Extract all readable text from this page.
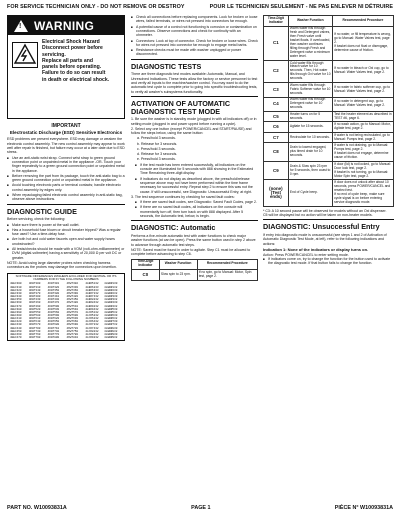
FOR SERVICE TECHNICIAN ONLY - DO NOT REMOVE OR DESTROY	POUR LE TECHNICIEN SEULEMENT - NE PAS ENLEVER NI DÉTRUIRE
! WARNING
Electrical Shock Hazard
Disconnect power before
servicing.
Replace all parts and
panels before operating.
Failure to do so can result
in death or electrical shock.
IMPORTANT
Electrostatic Discharge (ESD) Sensitive Electronics

ESD problems are present everywhere. ESD may damage or weaken the electronic control assembly. The new control assembly may appear to work well after repair is finished, but failure may occur at a later date due to ESD stress.

■ Use an anti-static wrist strap. Connect wrist strap to green ground connection point or unpainted metal in the appliance -OR- Touch your finger repeatedly to a green ground connection point or unpainted metal in the appliance.
■ Before removing the part from its package, touch the anti-static bag to a green ground connection point or unpainted metal in the appliance.
■ Avoid touching electronic parts or terminal contacts; handle electronic control assembly by edges only.
■ When repackaging failed electronic control assembly in anti-static bag, observe above instructions.
DIAGNOSTIC GUIDE

Before servicing, check the following:

■ Make sure there is power at the wall outlet.
■ Has a household fuse blown or circuit breaker tripped? Was a regular fuse used? Use a time-delay fuse.
■ Are both hot and cold water faucets open and water supply hoses unobstructed?
■ All tests/checks should be made with a VOM (volt-ohm-milliammeter) or DVM (digital-voltmeter) having a sensitivity of 20,000 Ω per volt DC or greater.

NOTE: Avoid using large diameter probes when checking harness connectors as the probes may damage the connectors upon insertion.

SOFTWARE DIFFERENCES WASHERS EXCLUDED FOR CENTRAL OR ITS NUMBERS FOR IN THE FOLLOWING NUMBERS
4GEC300	4KWT300	4KWT301	4KWT302	4LBR5132	4LWBR130
4GEC310	4KWT310	4KWT320	4KWT330	4LBR6233	4LWBR132
4GEC320	4KWT340	4KWT350	4KWT360	4LBR6333	4LWBR230
4GEC330	4KWT370	4KWT380	4KWT390	4LBR7232	4LWBR232
4GEC340	4KWT400	4KWT410	4KWT420	4LBR7432	4LWBR330
4GEC350	4KWT430	4KWT440	4KWT450	4LBR8232	4LWBR332
4GEC360	4KWT460	4KWT470	4KWT480	4LBR8432	4LWBR430
4GEC370	4KWT490	4KWT500	4KWT510	4LBR9232	4LWBR432
4GEC380	4KWT520	4KWT530	4KWT540	4LBR9432	4LWBR530
4GEC390	4KWT550	4KWT560	4KWT570	4LCR5132	4LWBR532
4GEC400	4KWT580	4KWT590	4KWT600	4LCR5232	4LWBR630
4GEC410	4KWT610	4KWT620	4KWT630	4LCR6232	4LWBR632
4GEC420	4KWT640	4KWT650	4KWT660	4LCR6432	4LWBR730
4GEC430	4KWT670	4KWT680	4KWT690	4LCR7232	4LWBR732
4GEC440	4KWT700	4KWT710	4KWT720	4LCR7432	4LWBR830
4GEC450	4KWT730	4KWT740	4KWT750	4LCR8232	4LWBR832
4GEC460	4KWT760	4KWT770	4KWT780	4LCR8432	4LWBR930
4GEC470	4KWT790	4KWT800	4KWT810	4LCR9232	4LWBR932
■ Check all connections before replacing components. Look for broken or loose wires, failed terminals, or wires not pressed into connectors far enough.
■ A potential cause of a control not functioning is corrosion or contamination on connections. Observe connections and check for continuity with an ohmmeter.
■ Connectors: Look at top of connector. Check for broken or loose wires. Check for wires not pressed into connector far enough to engage metal barbs.
■ Resistance checks must be made with washer unplugged or power disconnected.
DIAGNOSTIC TESTS

There are three diagnostic test modes available: Automatic, Manual, and Unresolved Indications. These tests allow the factory or service personnel to test and verify all inputs to the machine/washer control. You may want to do the automatic test cycle to complete prior to going into specific troubleshooting tests, to verify all washer's subsystems functionality.

ACTIVATION OF AUTOMATIC DIAGNOSTIC TEST MODE
1. Be sure the washer is in standby mode (plugged in with all indicators off) or in setting mode (plugged in and power upped before running a cycle).
2. Select any one button (except POWER/CANCEL and START/PAUSE) and follow the steps below, using the same button:
a. Press/hold 3 seconds.
b. Release for 3 seconds.
c. Press/hold 3 seconds.
d. Release for 3 seconds.
e. Press/hold 3 seconds.
■ If the test mode has been entered successfully, all indicators on the console are illuminated for 5 seconds with 888 showing in the Estimated Time Remaining three-digit display.
■ If indicators do not display as described above, the press/hold/release sequence above may not have been performed within the time frame necessary for successful entry. Repeat step 2 to ensure this was not the cause. If still unsuccessful, see Diagnostic: Unsuccessful Entry, at right.
3. The test sequence continues by checking for saved fault codes:
■ If there are saved fault codes, see Diagnostic: Saved Fault Codes, page 2.
■ If there are no saved fault codes, all indicators on the console will momentarily turn off, then turn back on with 888 displayed. After 5 seconds, the Automatic test, below, is begin.
DIAGNOSTIC: Automatic

Performs a five-minute automatic test with water functions to check major washer functions (at can be open). Press the same button used in step 2 above to advance through automatic test steps.

NOTE: Saved must be found in order to agitate. Step C1 must be allowed to complete before advancing to step C6.

Time-Digit Indicator	Washer Function	Recommended Procedure
C0	Slow spin to 23 rpm.	If no spin, go to Manual: Motor, Spin test, page 2.
Time-Digit Indicator	Washer Function	Recommended Procedure
C1	Warm water fills through fresh and Detergent valves, then Fresh valve until basket floats. If overloaded, then washer continues filling through Fresh and Detergent valve a minimum water level.	If no water, or fill temperature is wrong, go to Manual: Water Valves test, page 2.
If basket does not float or disengage, determine cause of friction.
C2	Cold water fills through bleach valve for 10 seconds. Then, Hot water fills through Oxi valve for 10 seconds.	If no water in bleach or Oxi cup, go to Manual: Water Valves test, page 2.
C3	Warm water fills through Fabric Softener valve for 10 seconds.	If no water in fabric softener cup, go to Manual: Water Valves test, page 2.
C4	Warm water fills through Detergent valve for 10 seconds.	If no water in detergent cup, go to Manual: Water Valves test, page 2.
C5	Heater turns on for 5 seconds.	Test the heater element as described in TEST #6, page 6.
C6	Agitate for 15 seconds.	If no wash action, go to Manual: Motor, Agitate test, page 2.
C7	Recirculate for 10 seconds.	If water is not being recirculated, go to Manual: Pumps test, page 2.
C8	Drain to lowest engaged, plus timed drain for 10 seconds.	If water is not draining, go to Manual: Pumps test, page 2.
If basket does not engage, determine cause of friction.
C9	Drain & Slow spin 23 rpm for 5 seconds, then coast to 0 rpm.	If door (lid) is not locked, go to Manual: Door lock test, page 2.
If basket is not turning, go to Manual: Motor Spin test, page 2.
(none) (Test ends)	End of Cycle beep.	If door does not unlock after about 10 seconds, press POWER/CANCEL and reselect test.
If no end of cycle beep, make sure cycle signal is on before entering service diagnostic mode.

* C3: A 10 second pause will be observed for models without an Oxi dispenser.

C5 will be displayed but no action will be taken on non-heater models.

DIAGNOSTIC: Unsuccessful Entry

If entry into diagnostic mode is unsuccessful (see steps 1 and 2 of Activation of Automatic Diagnostic Test Mode, at left), refer to the following indications and actions:

Indication 1: None of the indicators or display turns on.

Action: Press POWER/CANCEL to enter setting mode.

■ If indicators come on, try to change the function for the button used to activate the diagnostic test mode. If that button fails to change the function.
PART NO. W10093831A	PAGE 1	PIÈCE N° W10093831A
